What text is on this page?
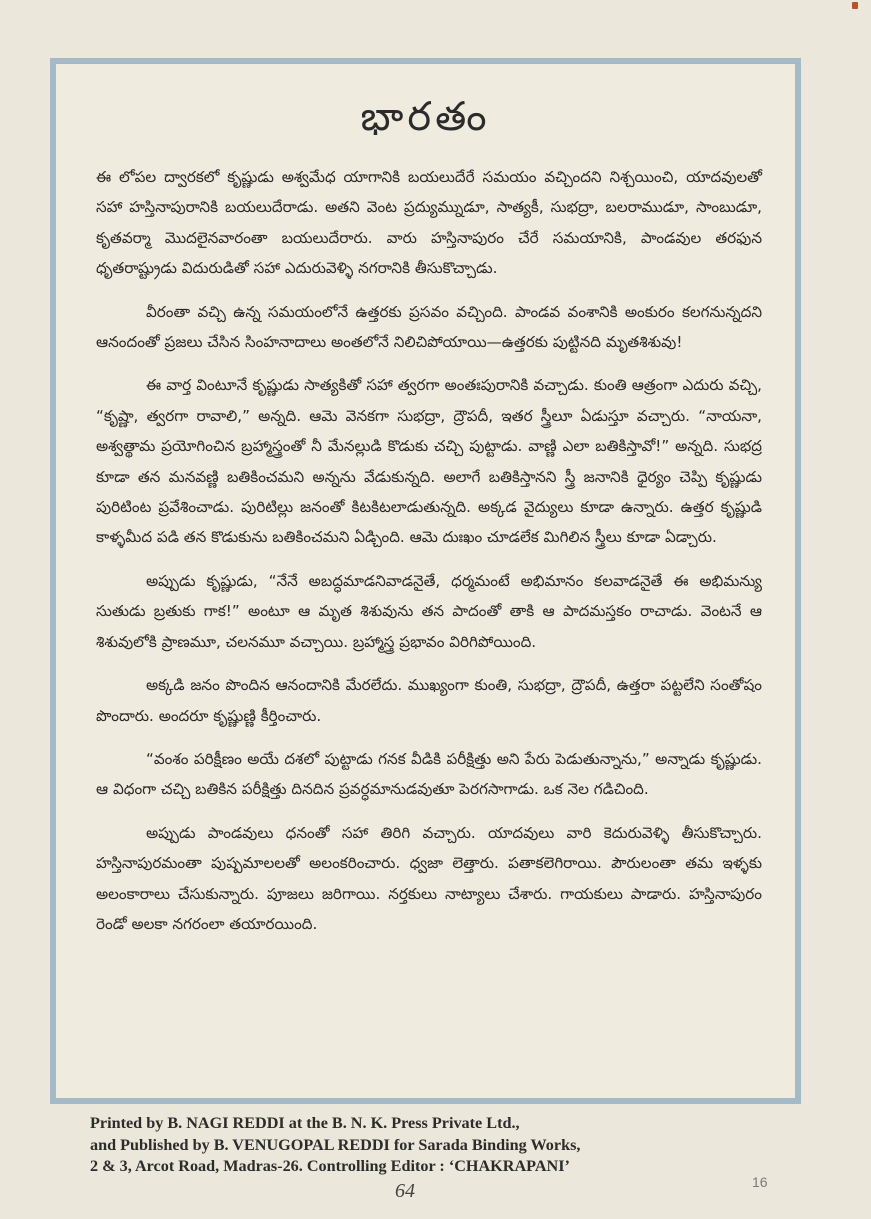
భారతం

ఈ లోపల ద్వారకలో కృష్ణుడు అశ్వమేధ యాగానికి బయలుదేరే సమయం వచ్చిందని నిశ్చయించి, యాదవులతో సహా హస్తినాపురానికి బయలుదేరాడు. అతని వెంట ప్రద్యుమ్నుడూ, సాత్యకీ, సుభద్రా, బలరాముడూ, సాంబుడూ, కృతవర్మా మొదలైనవారంతా బయలుదేరారు. వారు హస్తినాపురం చేరే సమయానికి, పాండవుల తరఫున ధృతరాష్ట్రుడు విదురుడితో సహా ఎదురువెళ్ళి నగరానికి తీసుకొచ్చాడు.

వీరంతా వచ్చి ఉన్న సమయంలోనే ఉత్తరకు ప్రసవం వచ్చింది. పాండవ వంశానికి అంకురం కలగనున్నదని ఆనందంతో ప్రజలు చేసిన సింహనాదాలు అంతలోనే నిలిచిపోయాయి—ఉత్తరకు పుట్టినది మృతశిశువు!

ఈ వార్త వింటూనే కృష్ణుడు సాత్యకితో సహా త్వరగా అంతఃపురానికి వచ్చాడు. కుంతి ఆత్రంగా ఎదురు వచ్చి, “కృష్ణా, త్వరగా రావాలి,” అన్నది. ఆమె వెనకగా సుభద్రా, ద్రౌపదీ, ఇతర స్త్రీలూ ఏడుస్తూ వచ్చారు. “నాయనా, అశ్వత్థామ ప్రయోగించిన బ్రహ్మాస్త్రంతో నీ మేనల్లుడి కొడుకు చచ్చి పుట్టాడు. వాణ్ణి ఎలా బతికిస్తావో!” అన్నది. సుభద్ర కూడా తన మనవణ్ణి బతికించమని అన్నను వేడుకున్నది. అలాగే బతికిస్తానని స్త్రీ జనానికి ధైర్యం చెప్పి కృష్ణుడు పురిటింట ప్రవేశించాడు. పురిటిల్లు జనంతో కిటకిటలాడుతున్నది. అక్కడ వైద్యులు కూడా ఉన్నారు. ఉత్తర కృష్ణుడి కాళ్ళమీద పడి తన కొడుకును బతికించమని ఏడ్చింది. ఆమె దుఃఖం చూడలేక మిగిలిన స్త్రీలు కూడా ఏడ్చారు.

అప్పుడు కృష్ణుడు, “నేనే అబద్ధమాడనివాడనైతే, ధర్మమంటే అభిమానం కలవాడనైతే ఈ అభిమన్యు సుతుడు బ్రతుకు గాక!” అంటూ ఆ మృత శిశువును తన పాదంతో తాకి ఆ పాదమస్తకం రాచాడు. వెంటనే ఆ శిశువులోకి ప్రాణమూ, చలనమూ వచ్చాయి. బ్రహ్మాస్త్ర ప్రభావం విరిగిపోయింది.

అక్కడి జనం పొందిన ఆనందానికి మేరలేదు. ముఖ్యంగా కుంతి, సుభద్రా, ద్రౌపదీ, ఉత్తరా పట్టలేని సంతోషం పొందారు. అందరూ కృష్ణుణ్ణి కీర్తించారు.

“వంశం పరిక్షీణం అయే దశలో పుట్టాడు గనక వీడికి పరీక్షిత్తు అని పేరు పెడుతున్నాను,” అన్నాడు కృష్ణుడు. ఆ విధంగా చచ్చి బతికిన పరీక్షిత్తు దినదిన ప్రవర్ధమానుడవుతూ పెరగసాగాడు. ఒక నెల గడిచింది.

అప్పుడు పాండవులు ధనంతో సహా తిరిగి వచ్చారు. యాదవులు వారి కెదురువెళ్ళి తీసుకొచ్చారు. హస్తినాపురమంతా పుష్పమాలలతో అలంకరించారు. ధ్వజా లెత్తారు. పతాకలెగిరాయి. పౌరులంతా తమ ఇళ్ళకు అలంకారాలు చేసుకున్నారు. పూజలు జరిగాయి. నర్తకులు నాట్యాలు చేశారు. గాయకులు పాడారు. హస్తినాపురం రెండో అలకా నగరంలా తయారయింది.

Printed by B. NAGI REDDI at the B. N. K. Press Private Ltd.,
and Published by B. VENUGOPAL REDDI for Sarada Binding Works,
2 & 3, Arcot Road, Madras-26. Controlling Editor : ‘CHAKRAPANI’
64	16
